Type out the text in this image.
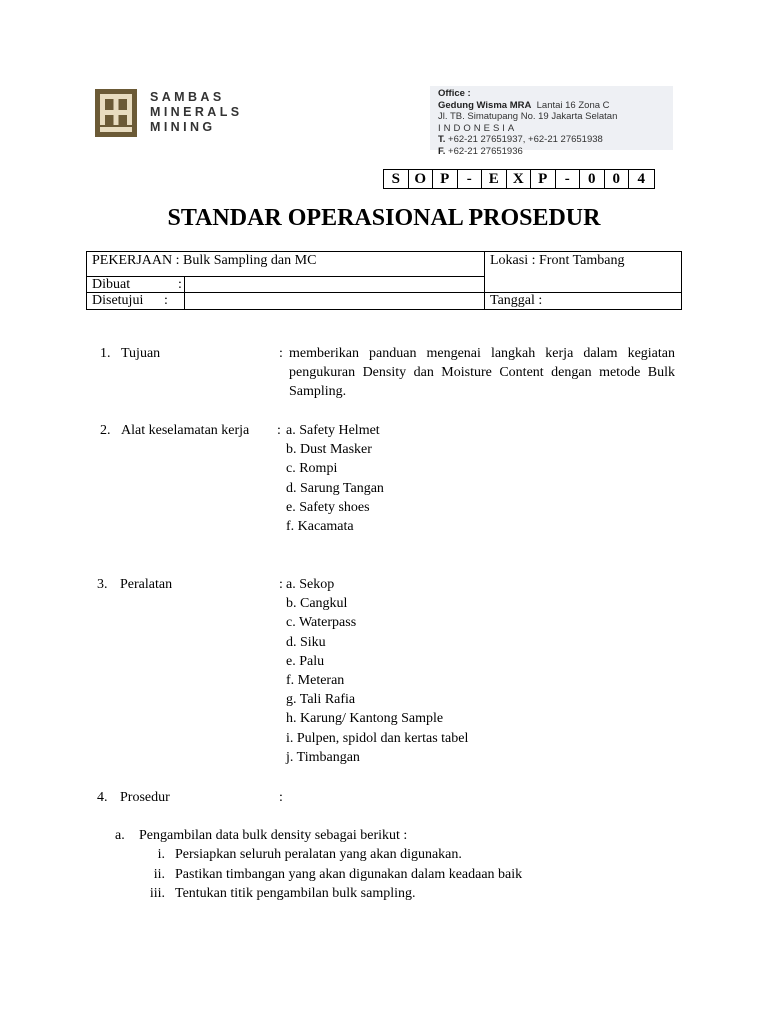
SAMBAS
MINERALS
MINING
Office :
Gedung Wisma MRA Lantai 16 Zona C
Jl. TB. Simatupang No. 19 Jakarta Selatan
INDONESIA
T. +62-21 27651937, +62-21 27651938
F. +62-21 27651936
S O P	-	E X P	-	0	0	4
STANDAR OPERASIONAL PROSEDUR
PEKERJAAN : Bulk Sampling dan MC	Lokasi : Front Tambang
Dibuat	:
Disetujui :	Tanggal :
1. Tujuan	: memberikan panduan mengenai langkah kerja dalam kegiatan pengukuran Density dan Moisture Content dengan metode Bulk Sampling.
2. Alat keselamatan kerja : a. Safety Helmet
b. Dust Masker
c. Rompi
d. Sarung Tangan
e. Safety shoes
f. Kacamata
3. Peralatan	: a. Sekop
b. Cangkul
c. Waterpass
d. Siku
e. Palu
f. Meteran
g. Tali Rafia
h. Karung/ Kantong Sample
i. Pulpen, spidol dan kertas tabel
j. Timbangan
4. Prosedur	:
a. Pengambilan data bulk density sebagai berikut :
i. Persiapkan seluruh peralatan yang akan digunakan.
ii. Pastikan timbangan yang akan digunakan dalam keadaan baik
iii. Tentukan titik pengambilan bulk sampling.
